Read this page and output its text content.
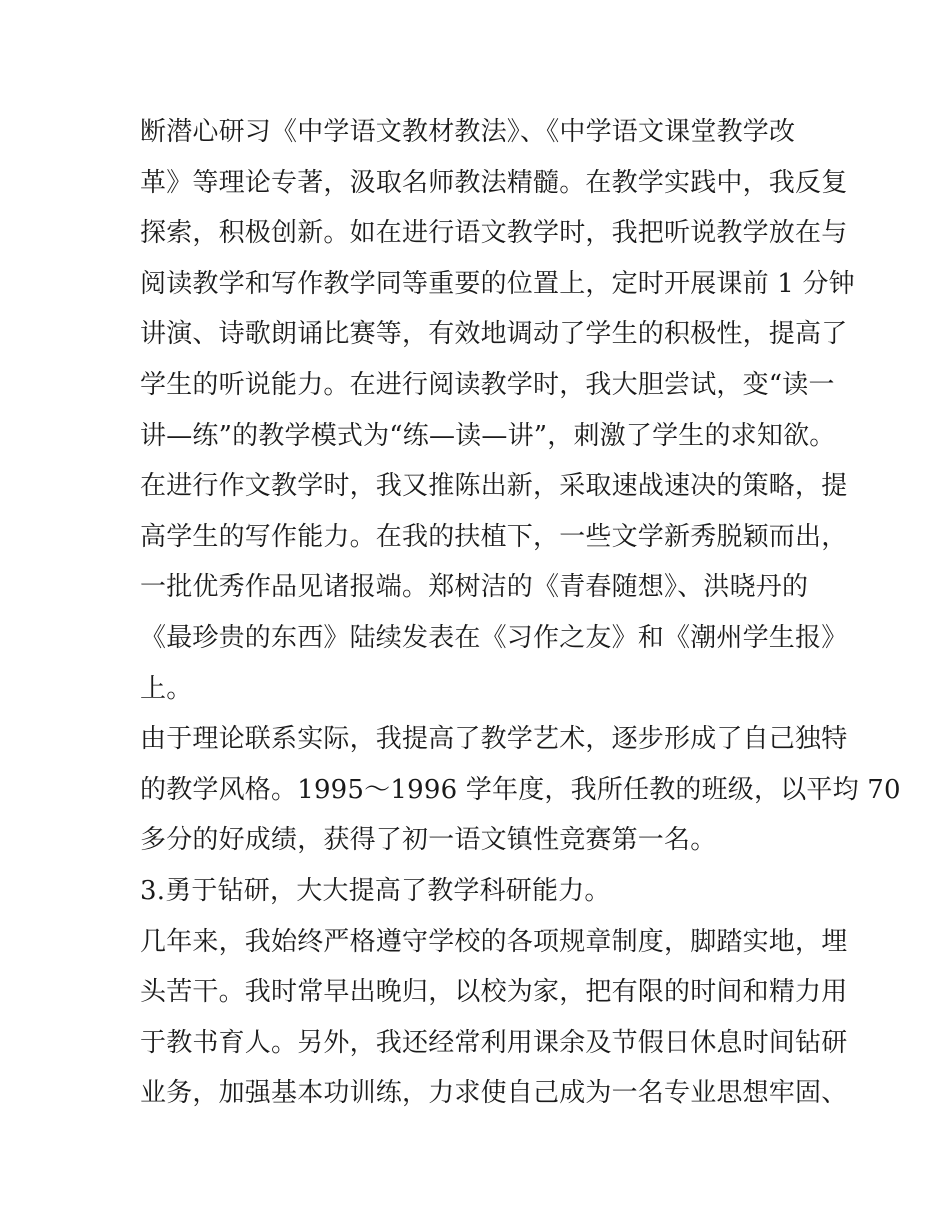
断潜心研习《中学语文教材教法》、《中学语文课堂教学改
革》等理论专著，汲取名师教法精髓。在教学实践中，我反复
探索，积极创新。如在进行语文教学时，我把听说教学放在与
阅读教学和写作教学同等重要的位置上，定时开展课前 1 分钟
讲演、诗歌朗诵比赛等，有效地调动了学生的积极性，提高了
学生的听说能力。在进行阅读教学时，我大胆尝试，变“读一
讲—练”的教学模式为“练—读—讲”，刺激了学生的求知欲。
在进行作文教学时，我又推陈出新，采取速战速决的策略，提
高学生的写作能力。在我的扶植下，一些文学新秀脱颖而出，
一批优秀作品见诸报端。郑树洁的《青春随想》、洪晓丹的
《最珍贵的东西》陆续发表在《习作之友》和《潮州学生报》
上。
由于理论联系实际，我提高了教学艺术，逐步形成了自己独特
的教学风格。1995～1996 学年度，我所任教的班级，以平均 70
多分的好成绩，获得了初一语文镇性竞赛第一名。
3.勇于钻研，大大提高了教学科研能力。
几年来，我始终严格遵守学校的各项规章制度，脚踏实地，埋
头苦干。我时常早出晚归，以校为家，把有限的时间和精力用
于教书育人。另外，我还经常利用课余及节假日休息时间钻研
业务，加强基本功训练，力求使自己成为一名专业思想牢固、
